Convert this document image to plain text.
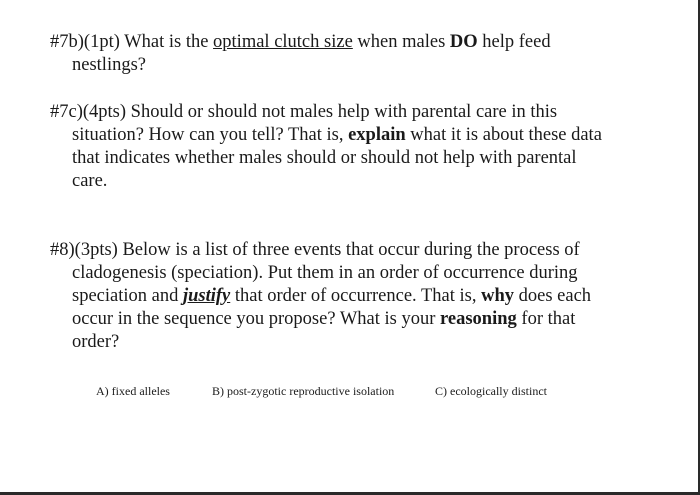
#7b)(1pt) What is the optimal clutch size when males DO help feed
nestlings?

#7c)(4pts) Should or should not males help with parental care in this
situation? How can you tell? That is, explain what it is about these data
that indicates whether males should or should not help with parental
care.

#8)(3pts) Below is a list of three events that occur during the process of
cladogenesis (speciation). Put them in an order of occurrence during
speciation and justify that order of occurrence. That is, why does each
occur in the sequence you propose? What is your reasoning for that
order?

A) fixed alleles	B) post-zygotic reproductive isolation	C) ecologically distinct
